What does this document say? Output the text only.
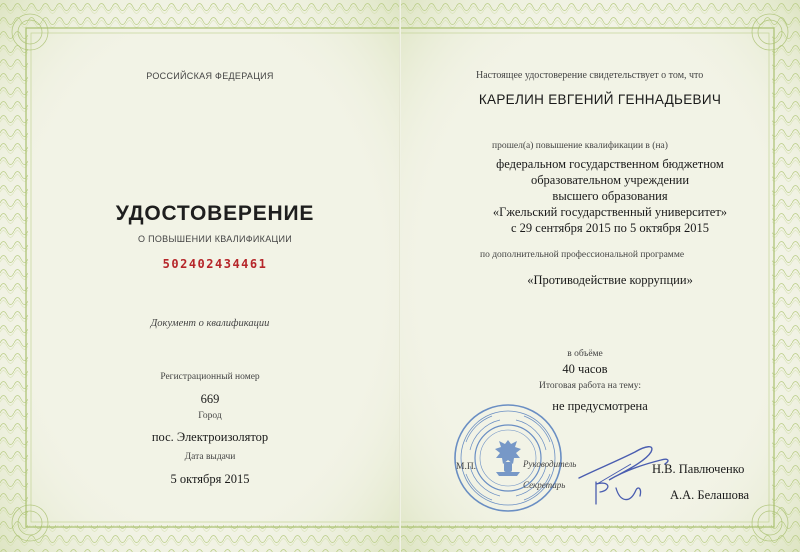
РОССИЙСКАЯ ФЕДЕРАЦИЯ
УДОСТОВЕРЕНИЕ
О ПОВЫШЕНИИ КВАЛИФИКАЦИИ
502402434461
Документ о квалификации
Регистрационный номер
669
Город
пос. Электроизолятор
Дата выдачи
5 октября 2015
Настоящее удостоверение свидетельствует о том, что
КАРЕЛИН ЕВГЕНИЙ ГЕННАДЬЕВИЧ
прошел(а) повышение квалификации в (на)
федеральном государственном бюджетном
образовательном учреждении
высшего образования
«Гжельский государственный университет»
с 29 сентября 2015 по 5 октября 2015
по дополнительной профессиональной программе
«Противодействие коррупции»
в объёме
40 часов
Итоговая работа на тему:
не предусмотрена
М.П.	Руководитель
Секретарь
Н.В. Павлюченко
А.А. Белашова
